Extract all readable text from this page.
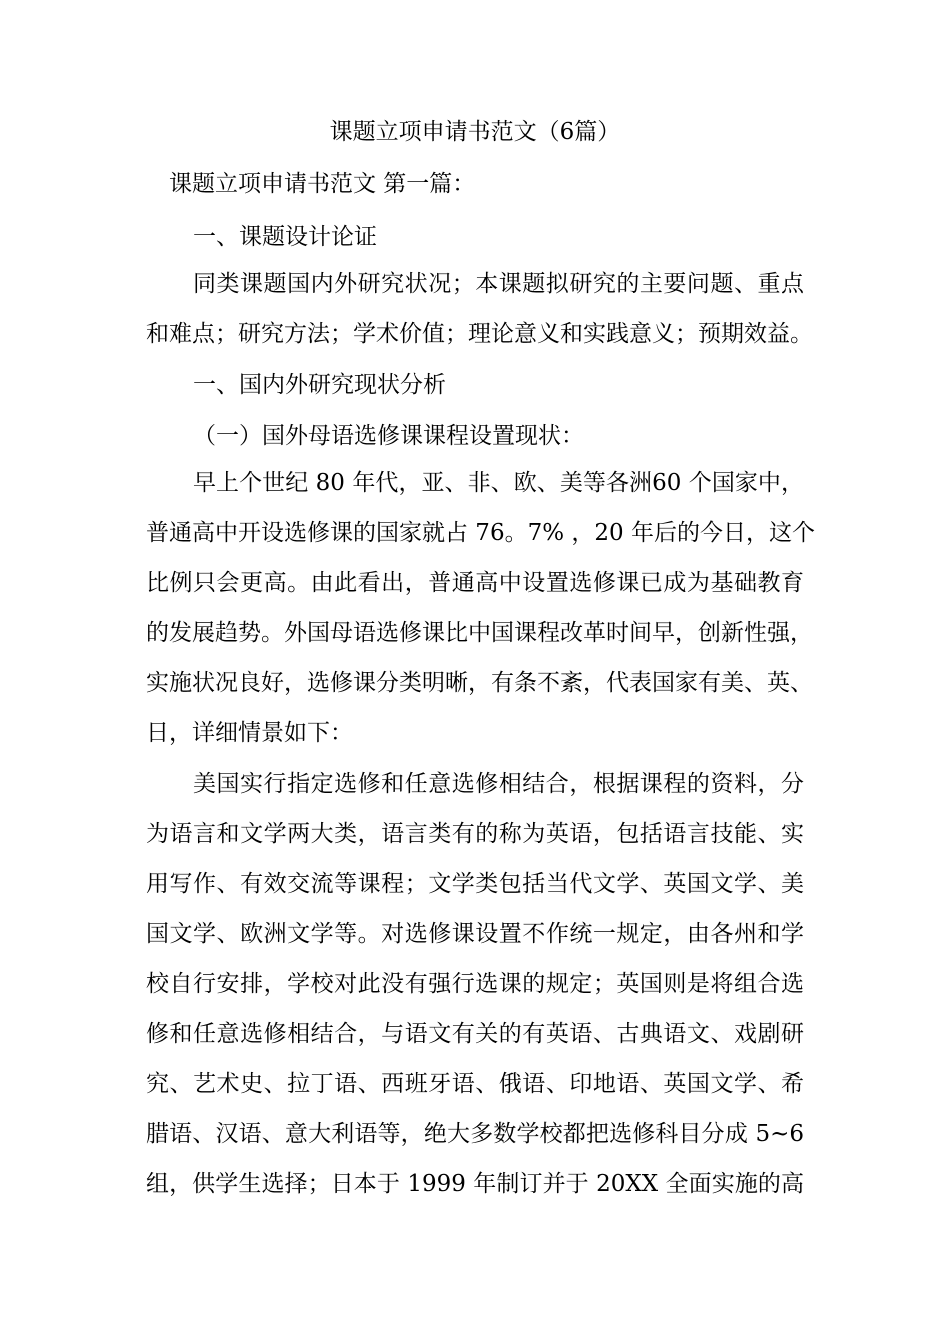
课题立项申请书范文（6篇）
课题立项申请书范文 第一篇：
一、课题设计论证
同类课题国内外研究状况；本课题拟研究的主要问题、重点
和难点；研究方法；学术价值；理论意义和实践意义；预期效益。
一、国内外研究现状分析
（一）国外母语选修课课程设置现状：
早上个世纪 80 年代，亚、非、欧、美等各洲60 个国家中，
普通高中开设选修课的国家就占 76。7% ，20 年后的今日，这个
比例只会更高。由此看出，普通高中设置选修课已成为基础教育
的发展趋势。外国母语选修课比中国课程改革时间早，创新性强，
实施状况良好，选修课分类明晰，有条不紊，代表国家有美、英、
日，详细情景如下：
美国实行指定选修和任意选修相结合，根据课程的资料，分
为语言和文学两大类，语言类有的称为英语，包括语言技能、实
用写作、有效交流等课程；文学类包括当代文学、英国文学、美
国文学、欧洲文学等。对选修课设置不作统一规定，由各州和学
校自行安排，学校对此没有强行选课的规定；英国则是将组合选
修和任意选修相结合，与语文有关的有英语、古典语文、戏剧研
究、艺术史、拉丁语、西班牙语、俄语、印地语、英国文学、希
腊语、汉语、意大利语等，绝大多数学校都把选修科目分成 5~6
组，供学生选择；日本于 1999 年制订并于 20XX 全面实施的高
